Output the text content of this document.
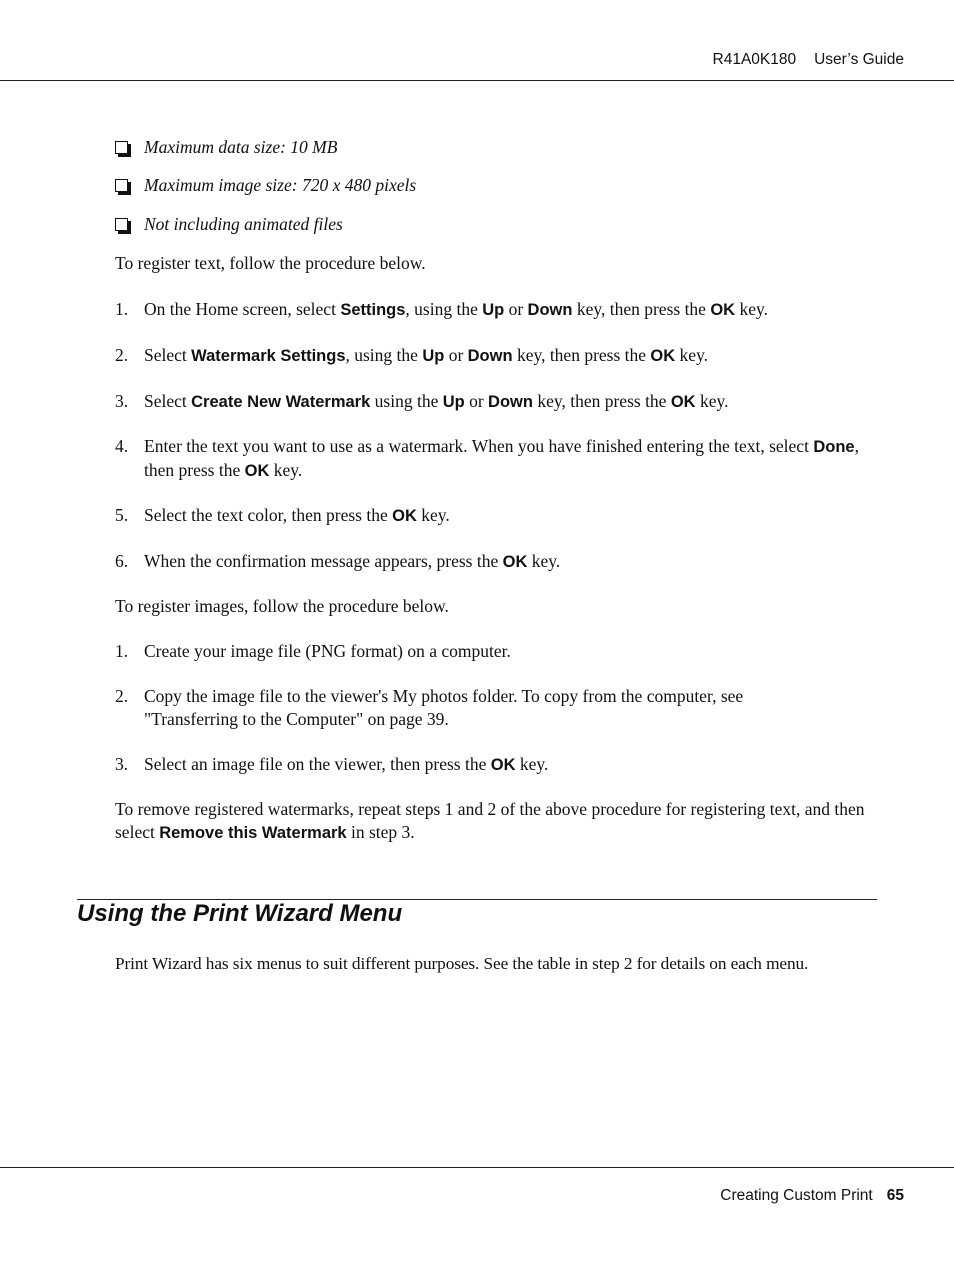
R41A0K180 User’s Guide
Maximum data size: 10 MB
Maximum image size: 720 x 480 pixels
Not including animated files
To register text, follow the procedure below.
1. On the Home screen, select Settings, using the Up or Down key, then press the OK key.
2. Select Watermark Settings, using the Up or Down key, then press the OK key.
3. Select Create New Watermark using the Up or Down key, then press the OK key.
4. Enter the text you want to use as a watermark. When you have finished entering the text, select Done, then press the OK key.
5. Select the text color, then press the OK key.
6. When the confirmation message appears, press the OK key.
To register images, follow the procedure below.
1. Create your image file (PNG format) on a computer.
2. Copy the image file to the viewer's My photos folder. To copy from the computer, see "Transferring to the Computer" on page 39.
3. Select an image file on the viewer, then press the OK key.
To remove registered watermarks, repeat steps 1 and 2 of the above procedure for registering text, and then select Remove this Watermark in step 3.
Using the Print Wizard Menu
Print Wizard has six menus to suit different purposes. See the table in step 2 for details on each menu.
Creating Custom Print 65
